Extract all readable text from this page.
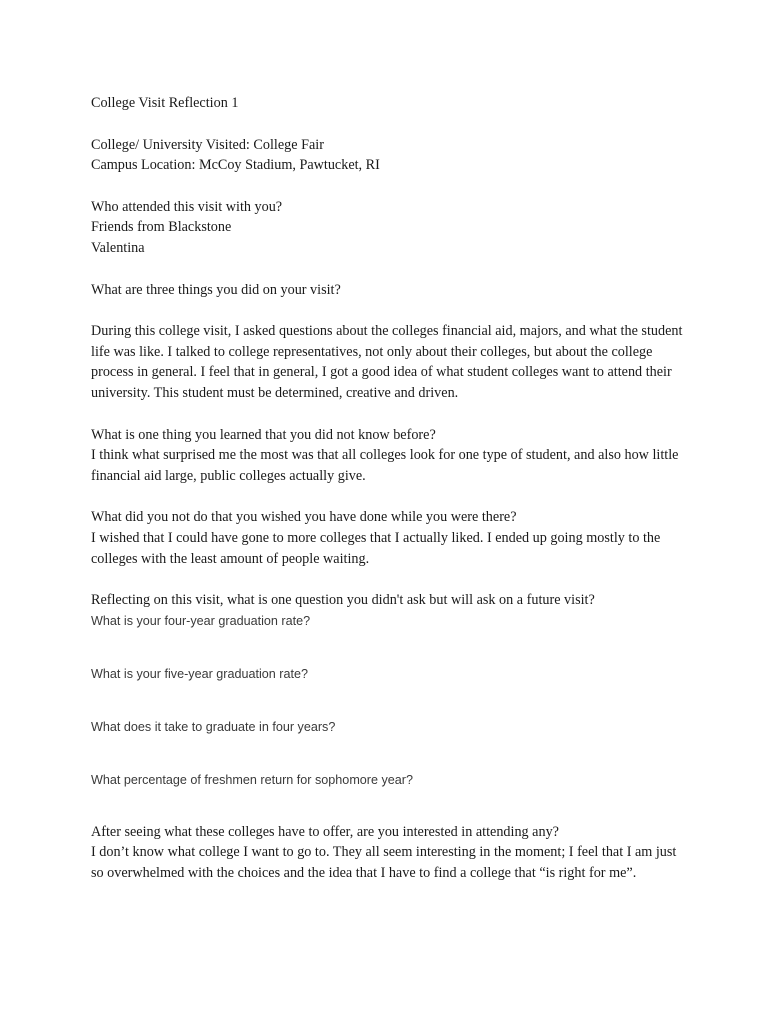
College Visit Reflection 1

College/ University Visited: College Fair

Campus Location: McCoy Stadium, Pawtucket, RI

Who attended this visit with you?

Friends from Blackstone

Valentina

What are three things you did on your visit?

During this college visit, I asked questions about the colleges financial aid, majors, and what the student life was like. I talked to college representatives, not only about their colleges, but about the college process in general. I feel that in general, I got a good idea of what student colleges want to attend their university. This student must be determined, creative and driven.

What is one thing you learned that you did not know before?

I think what surprised me the most was that all colleges look for one type of student, and also how little financial aid large, public colleges actually give.

What did you not do that you wished you have done while you were there?

I wished that I could have gone to more colleges that I actually liked. I ended up going mostly to the colleges with the least amount of people waiting.

Reflecting on this visit, what is one question you didn't ask but will ask on a future visit?

What is your four-year graduation rate?

What is your five-year graduation rate?

What does it take to graduate in four years?

What percentage of freshmen return for sophomore year?

After seeing what these colleges have to offer, are you interested in attending any?

I don’t know what college I want to go to. They all seem interesting in the moment; I feel that I am just so overwhelmed with the choices and the idea that I have to find a college that “is right for me”.
